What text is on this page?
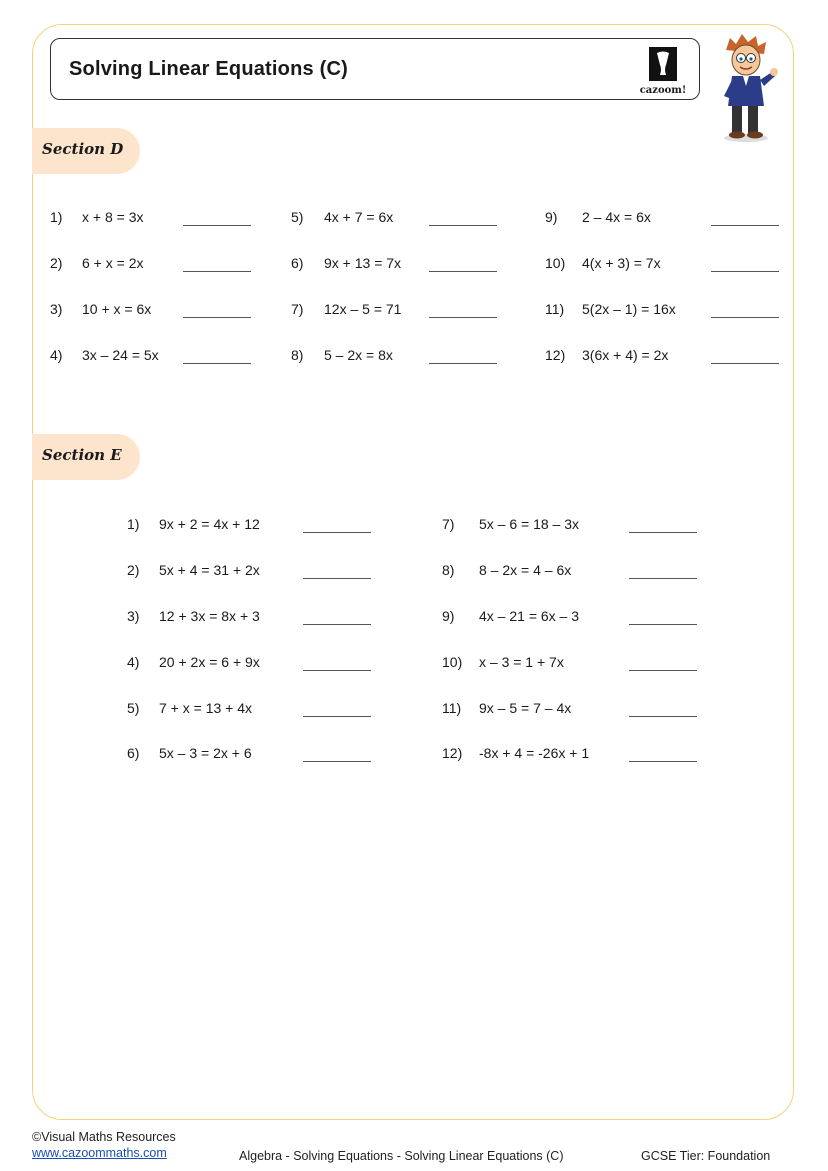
Solving Linear Equations (C)
cazoom!
Section D
Section E
1) x + 8 = 3x
2) 6 + x = 2x
3) 10 + x = 6x
4) 3x – 24 = 5x
5) 4x + 7 = 6x
6) 9x + 13 = 7x
7) 12x – 5 = 71
8) 5 – 2x = 8x
9) 2 – 4x = 6x
10) 4(x + 3) = 7x
11) 5(2x – 1) = 16x
12) 3(6x + 4) = 2x
1) 9x + 2 = 4x + 12
2) 5x + 4 = 31 + 2x
3) 12 + 3x = 8x + 3
4) 20 + 2x = 6 + 9x
5) 7 + x = 13 + 4x
6) 5x – 3 = 2x + 6
7) 5x – 6 = 18 – 3x
8) 8 – 2x = 4 – 6x
9) 4x – 21 = 6x – 3
10) x – 3 = 1 + 7x
11) 9x – 5 = 7 – 4x
12) -8x + 4 = -26x + 1
©Visual Maths Resources
www.cazoommaths.com	Algebra - Solving Equations - Solving Linear Equations (C)	GCSE Tier: Foundation
